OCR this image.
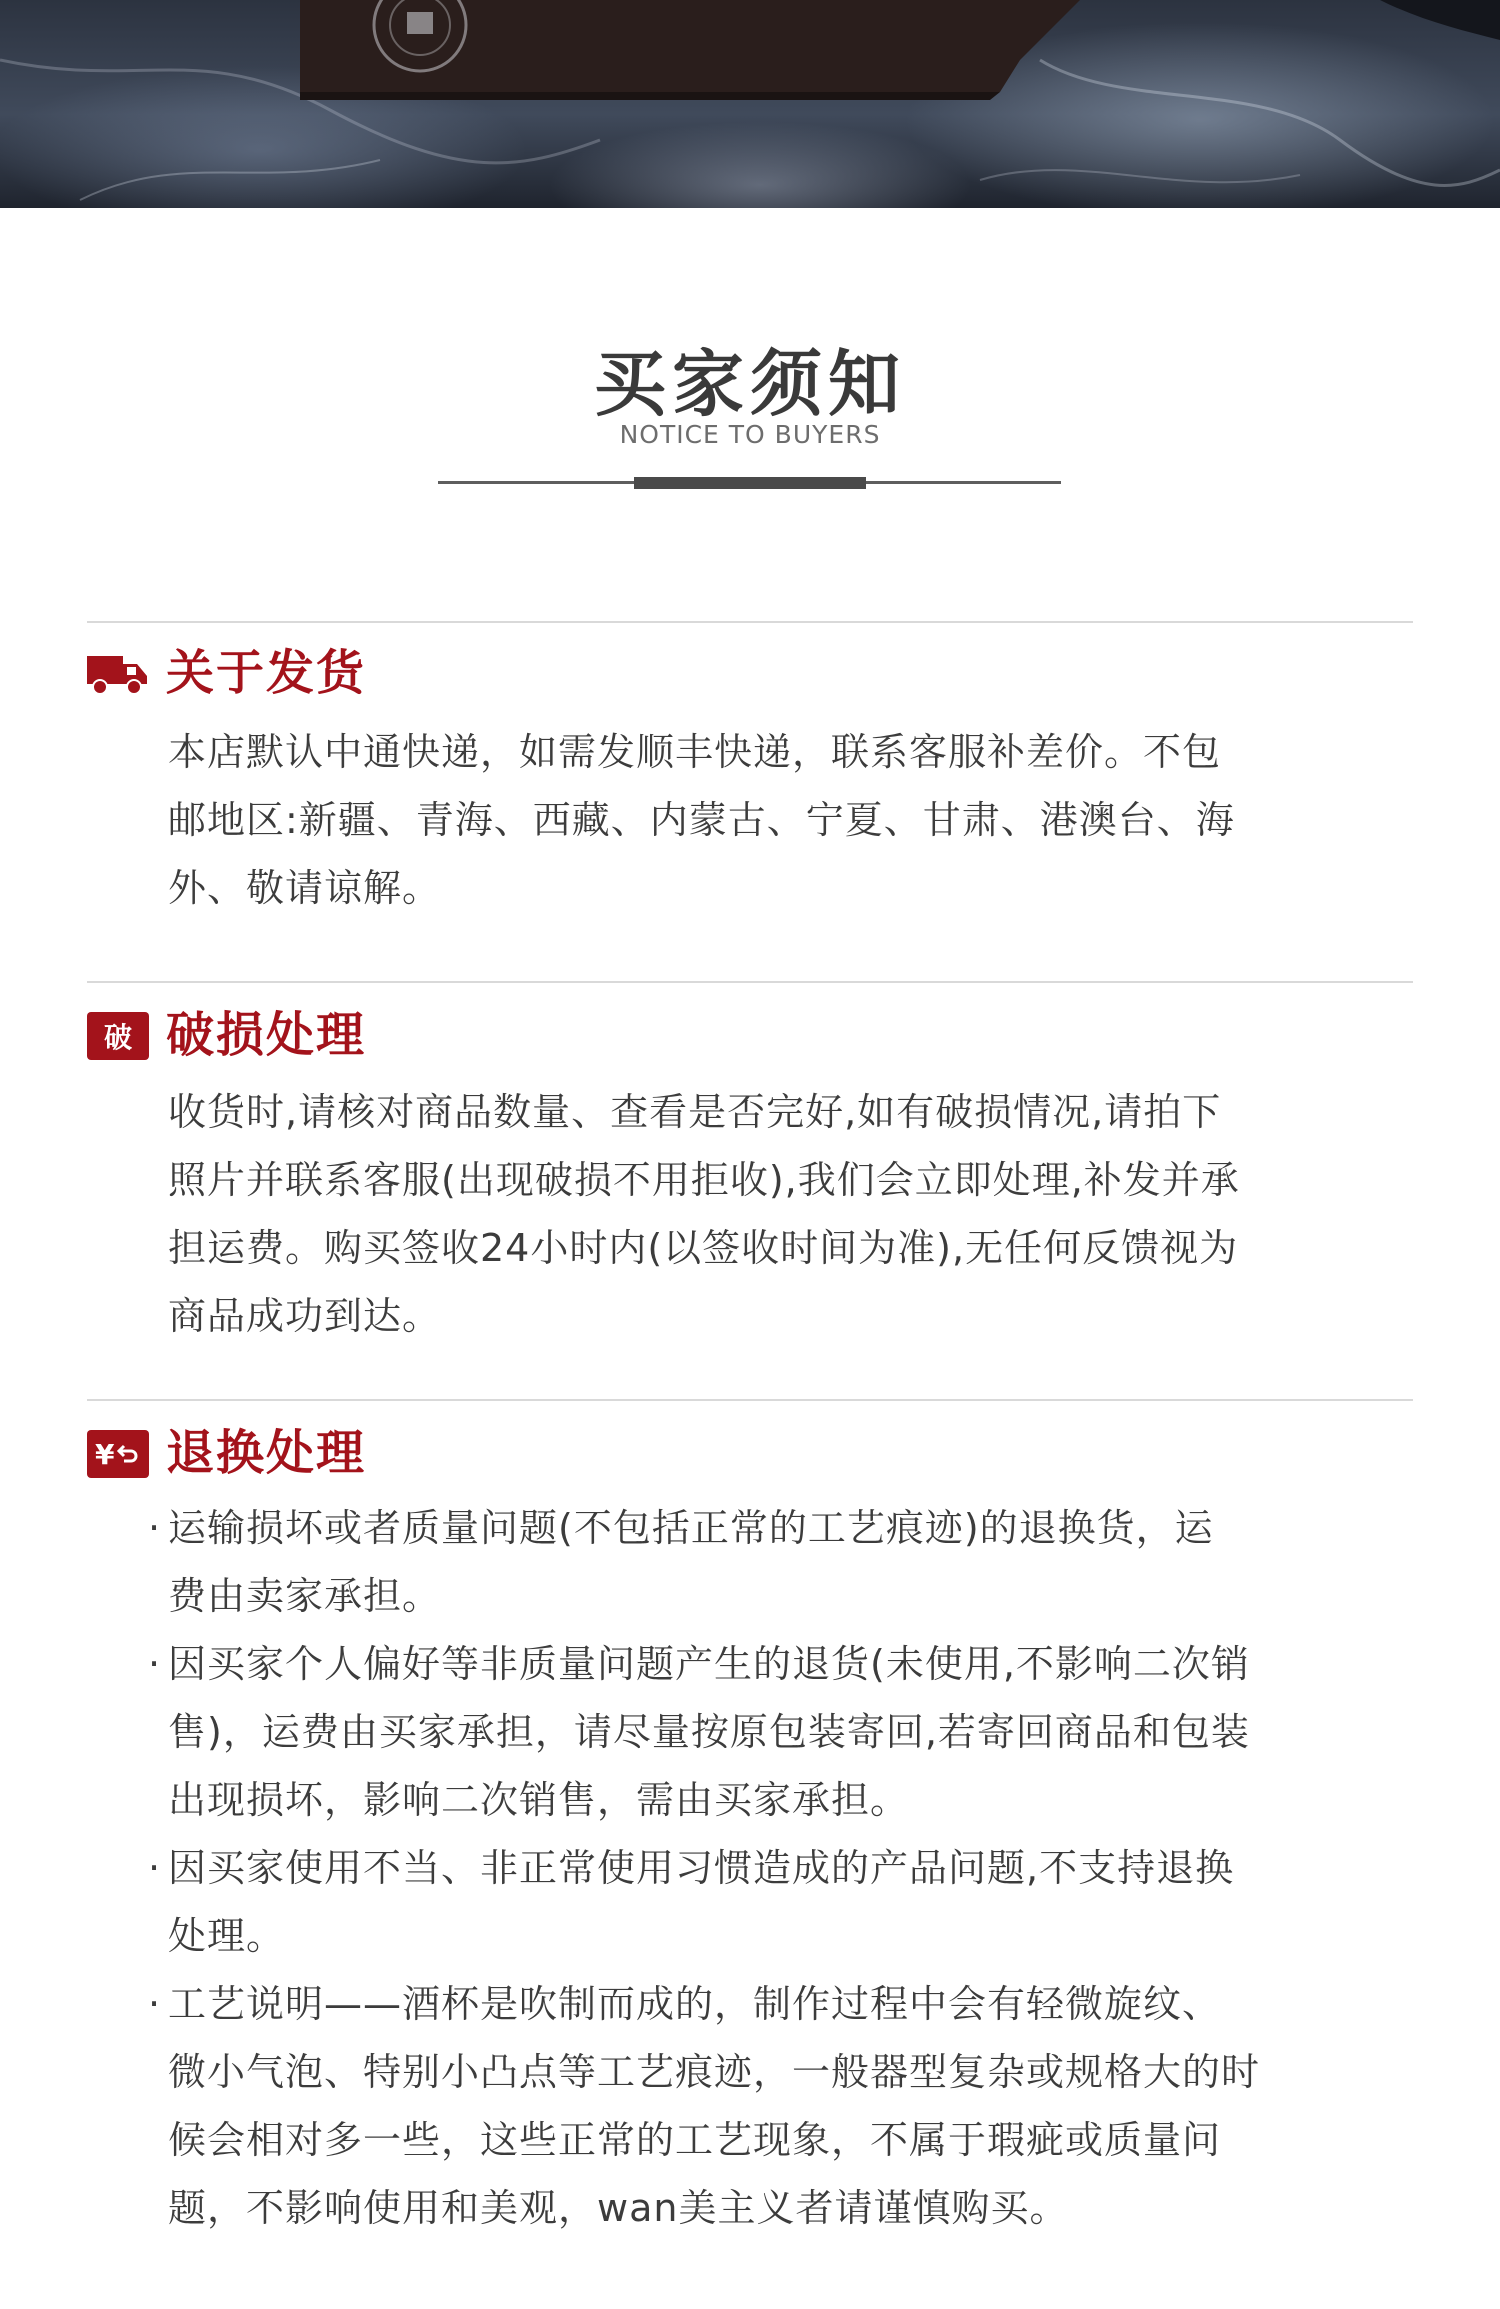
买家须知
NOTICE TO BUYERS
关于发货
本店默认中通快递，如需发顺丰快递，联系客服补差价。不包
邮地区:新疆、青海、西藏、内蒙古、宁夏、甘肃、港澳台、海
外、敬请谅解。
破 破损处理
收货时,请核对商品数量、查看是否完好,如有破损情况,请拍下
照片并联系客服(出现破损不用拒收),我们会立即处理,补发并承
担运费。购买签收24小时内(以签收时间为准),无任何反馈视为
商品成功到达。
¥ 退换处理
· 运输损坏或者质量问题(不包括正常的工艺痕迹)的退换货，运
费由卖家承担。
· 因买家个人偏好等非质量问题产生的退货(未使用,不影响二次销
售)，运费由买家承担，请尽量按原包装寄回,若寄回商品和包装
出现损坏，影响二次销售，需由买家承担。
· 因买家使用不当、非正常使用习惯造成的产品问题,不支持退换
处理。
· 工艺说明——酒杯是吹制而成的，制作过程中会有轻微旋纹、
微小气泡、特别小凸点等工艺痕迹，一般器型复杂或规格大的时
候会相对多一些，这些正常的工艺现象，不属于瑕疵或质量问
题，不影响使用和美观，wan美主义者请谨慎购买。
